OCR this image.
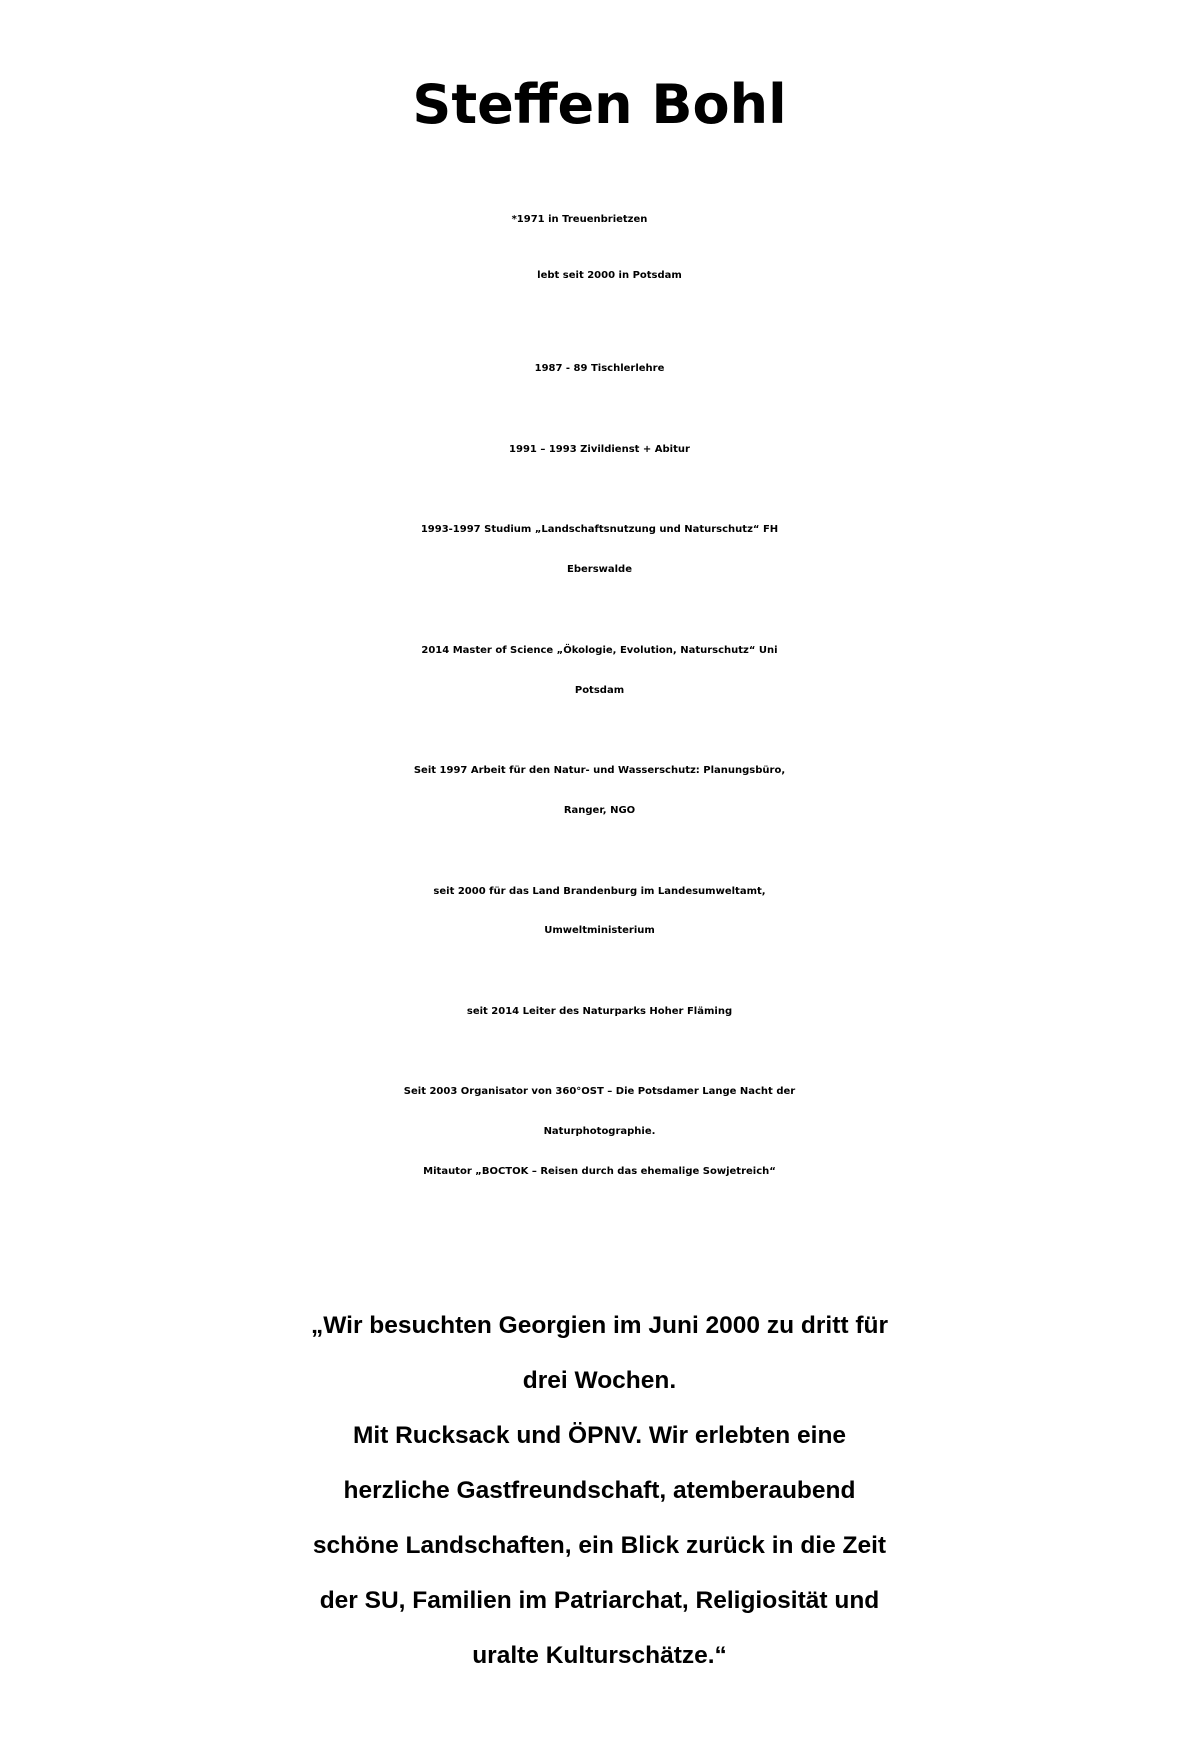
Steffen Bohl
*1971 in Treuenbrietzen
lebt seit 2000 in Potsdam
1987 - 89 Tischlerlehre
1991 – 1993 Zivildienst + Abitur
1993-1997 Studium „Landschaftsnutzung und Naturschutz“ FH
Eberswalde
2014 Master of Science „Ökologie, Evolution, Naturschutz“ Uni
Potsdam
Seit 1997 Arbeit für den Natur- und Wasserschutz: Planungsbüro,
Ranger, NGO
seit 2000 für das Land Brandenburg im Landesumweltamt,
Umweltministerium
seit 2014 Leiter des Naturparks Hoher Fläming
Seit 2003 Organisator von 360°OST – Die Potsdamer Lange Nacht der
Naturphotographie.
Mitautor „BOCTOK – Reisen durch das ehemalige Sowjetreich“
„Wir besuchten Georgien im Juni 2000 zu dritt für
drei Wochen.
Mit Rucksack und ÖPNV. Wir erlebten eine
herzliche Gastfreundschaft, atemberaubend
schöne Landschaften, ein Blick zurück in die Zeit
der SU, Familien im Patriarchat, Religiosität und
uralte Kulturschätze.“
